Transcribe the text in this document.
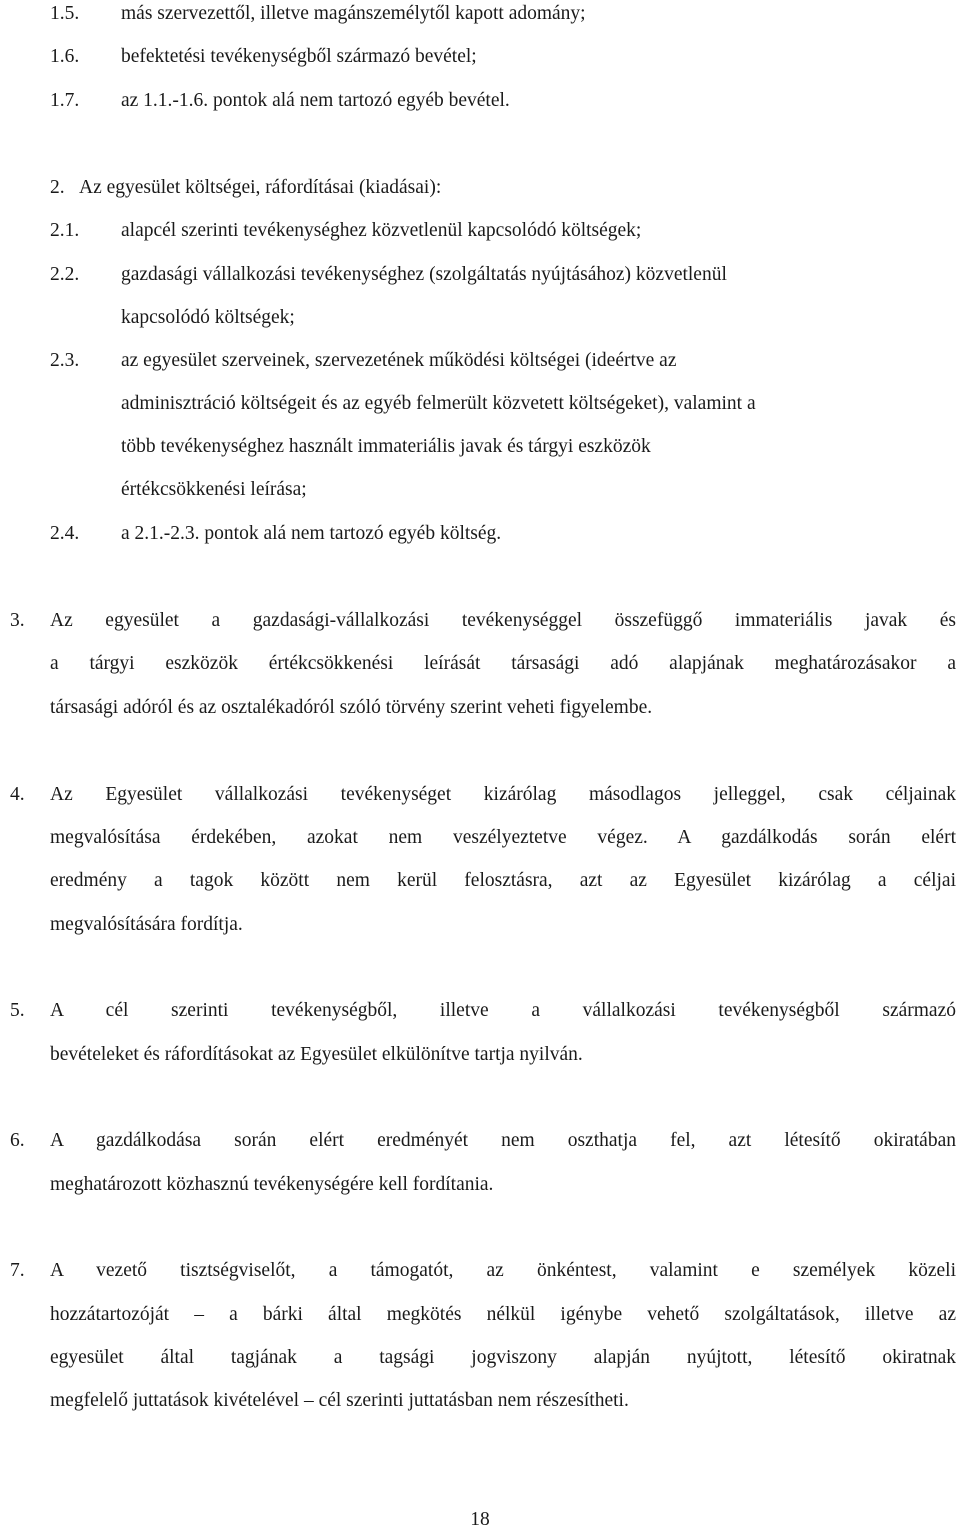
1.5. más szervezettől, illetve magánszemélytől kapott adomány;
1.6. befektetési tevékenységből származó bevétel;
1.7. az 1.1.-1.6. pontok alá nem tartozó egyéb bevétel.
2. Az egyesület költségei, ráfordításai (kiadásai):
2.1. alapcél szerinti tevékenységhez közvetlenül kapcsolódó költségek;
2.2. gazdasági vállalkozási tevékenységhez (szolgáltatás nyújtásához) közvetlenül
kapcsolódó költségek;
2.3. az egyesület szerveinek, szervezetének működési költségei (ideértve az
adminisztráció költségeit és az egyéb felmerült közvetett költségeket), valamint a
több tevékenységhez használt immateriális javak és tárgyi eszközök
értékcsökkenési leírása;
2.4. a 2.1.-2.3. pontok alá nem tartozó egyéb költség.
3. Az egyesület a gazdasági-vállalkozási tevékenységgel összefüggő immateriális javak és
a tárgyi eszközök értékcsökkenési leírását társasági adó alapjának meghatározásakor a
társasági adóról és az osztalékadóról szóló törvény szerint veheti figyelembe.
4. Az Egyesület vállalkozási tevékenységet kizárólag másodlagos jelleggel, csak céljainak
megvalósítása érdekében, azokat nem veszélyeztetve végez. A gazdálkodás során elért
eredmény a tagok között nem kerül felosztásra, azt az Egyesület kizárólag a céljai
megvalósítására fordítja.
5. A cél szerinti tevékenységből, illetve a vállalkozási tevékenységből származó
bevételeket és ráfordításokat az Egyesület elkülönítve tartja nyilván.
6. A gazdálkodása során elért eredményét nem oszthatja fel, azt létesítő okiratában
meghatározott közhasznú tevékenységére kell fordítania.
7. A vezető tisztségviselőt, a támogatót, az önkéntest, valamint e személyek közeli
hozzátartozóját – a bárki által megkötés nélkül igénybe vehető szolgáltatások, illetve az
egyesület által tagjának a tagsági jogviszony alapján nyújtott, létesítő okiratnak
megfelelő juttatások kivételével – cél szerinti juttatásban nem részesítheti.
18
